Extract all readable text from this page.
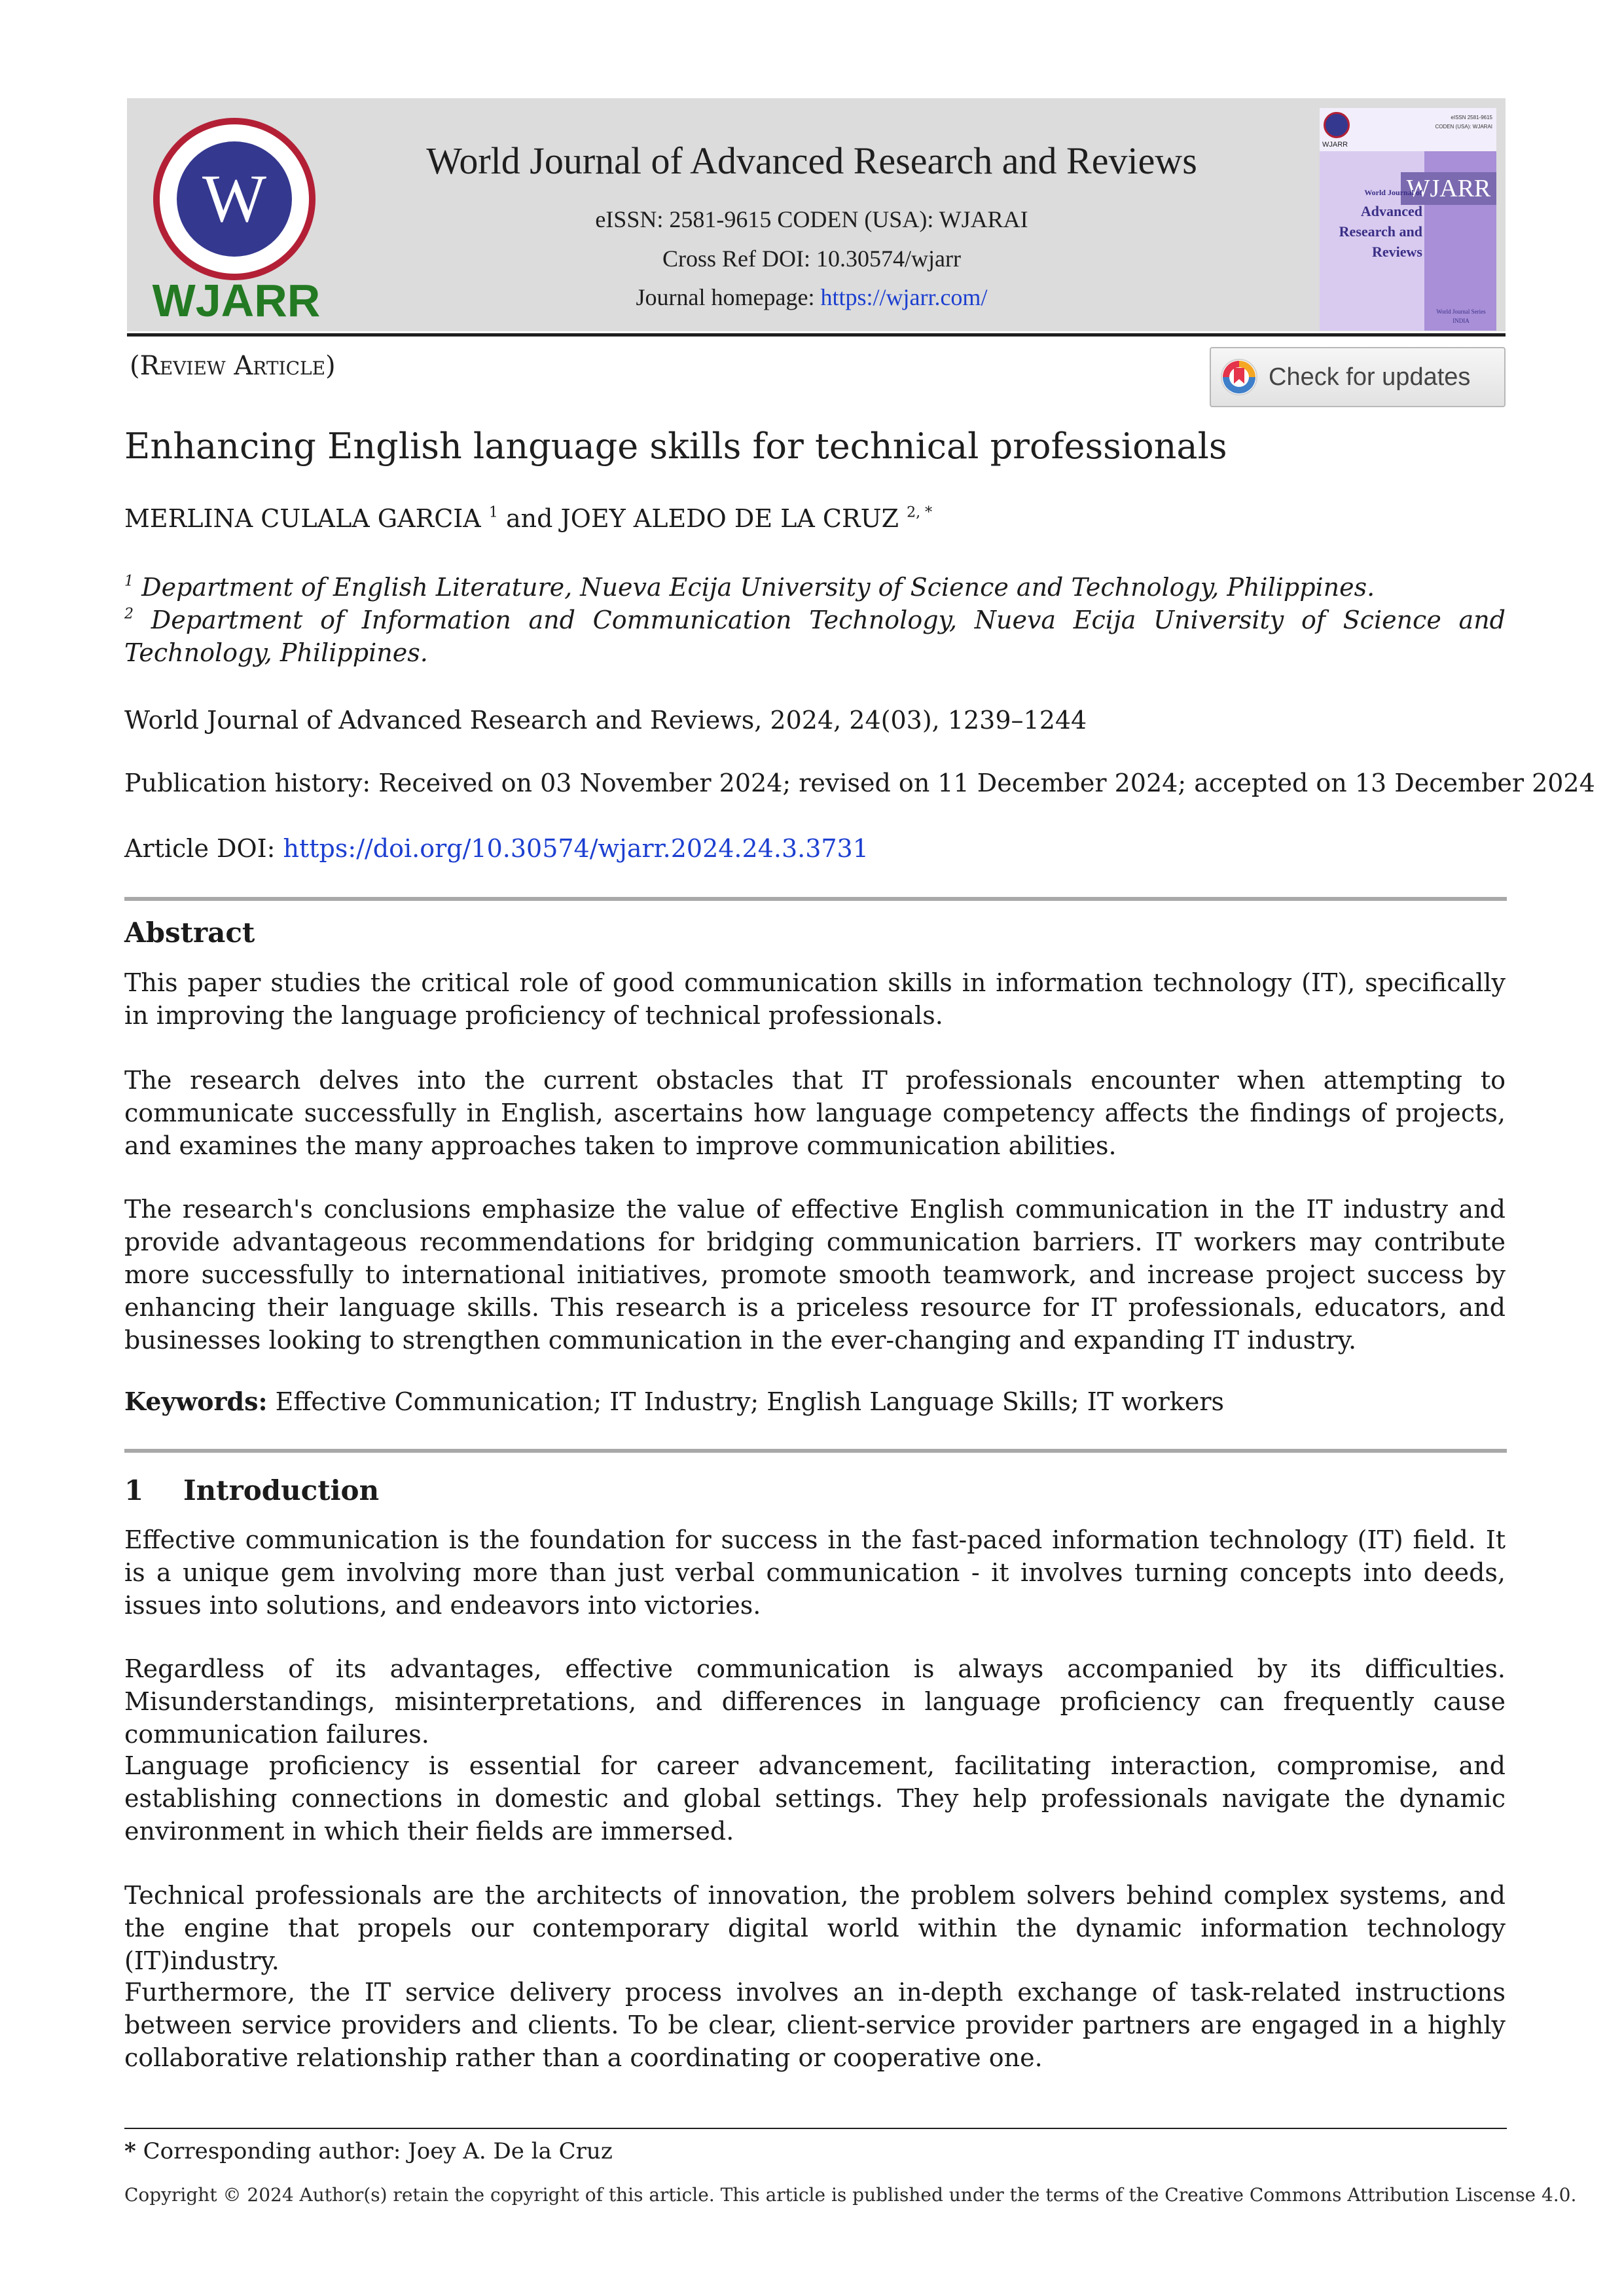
W
WJARR
World Journal of Advanced Research and Reviews
eISSN: 2581-9615 CODEN (USA): WJARAI
Cross Ref DOI: 10.30574/wjarr
Journal homepage: https://wjarr.com/
WJARR
eISSN 2581-9615
CODEN (USA): WJARAI
WJARR
World Journal of
Advanced
Research and
Reviews
World Journal Series
INDIA
(Review Article)	Check for updates
Enhancing English language skills for technical professionals
MERLINA CULALA GARCIA $^1$ and JOEY ALEDO DE LA CRUZ $^{2, *}$
$^1$ Department of English Literature, Nueva Ecija University of Science and Technology, Philippines.
$^2$ Department of Information and Communication Technology, Nueva Ecija University of Science and Technology, Philippines.
World Journal of Advanced Research and Reviews, 2024, 24(03), 1239–1244
Publication history: Received on 03 November 2024; revised on 11 December 2024; accepted on 13 December 2024
Article DOI: https://doi.org/10.30574/wjarr.2024.24.3.3731
Abstract
This paper studies the critical role of good communication skills in information technology (IT), specifically in improving the language proficiency of technical professionals.
The research delves into the current obstacles that IT professionals encounter when attempting to communicate successfully in English, ascertains how language competency affects the findings of projects, and examines the many approaches taken to improve communication abilities.
The research's conclusions emphasize the value of effective English communication in the IT industry and provide advantageous recommendations for bridging communication barriers. IT workers may contribute more successfully to international initiatives, promote smooth teamwork, and increase project success by enhancing their language skills. This research is a priceless resource for IT professionals, educators, and businesses looking to strengthen communication in the ever-changing and expanding IT industry.
Keywords: Effective Communication; IT Industry; English Language Skills; IT workers
1 Introduction
Effective communication is the foundation for success in the fast-paced information technology (IT) field. It is a unique gem involving more than just verbal communication - it involves turning concepts into deeds, issues into solutions, and endeavors into victories.
Regardless of its advantages, effective communication is always accompanied by its difficulties. Misunderstandings, misinterpretations, and differences in language proficiency can frequently cause communication failures.
Language proficiency is essential for career advancement, facilitating interaction, compromise, and establishing connections in domestic and global settings. They help professionals navigate the dynamic environment in which their fields are immersed.
Technical professionals are the architects of innovation, the problem solvers behind complex systems, and the engine that propels our contemporary digital world within the dynamic information technology (IT)industry.
Furthermore, the IT service delivery process involves an in-depth exchange of task-related instructions between service providers and clients. To be clear, client-service provider partners are engaged in a highly collaborative relationship rather than a coordinating or cooperative one.
* Corresponding author: Joey A. De la Cruz
Copyright © 2024 Author(s) retain the copyright of this article. This article is published under the terms of the Creative Commons Attribution Liscense 4.0.
